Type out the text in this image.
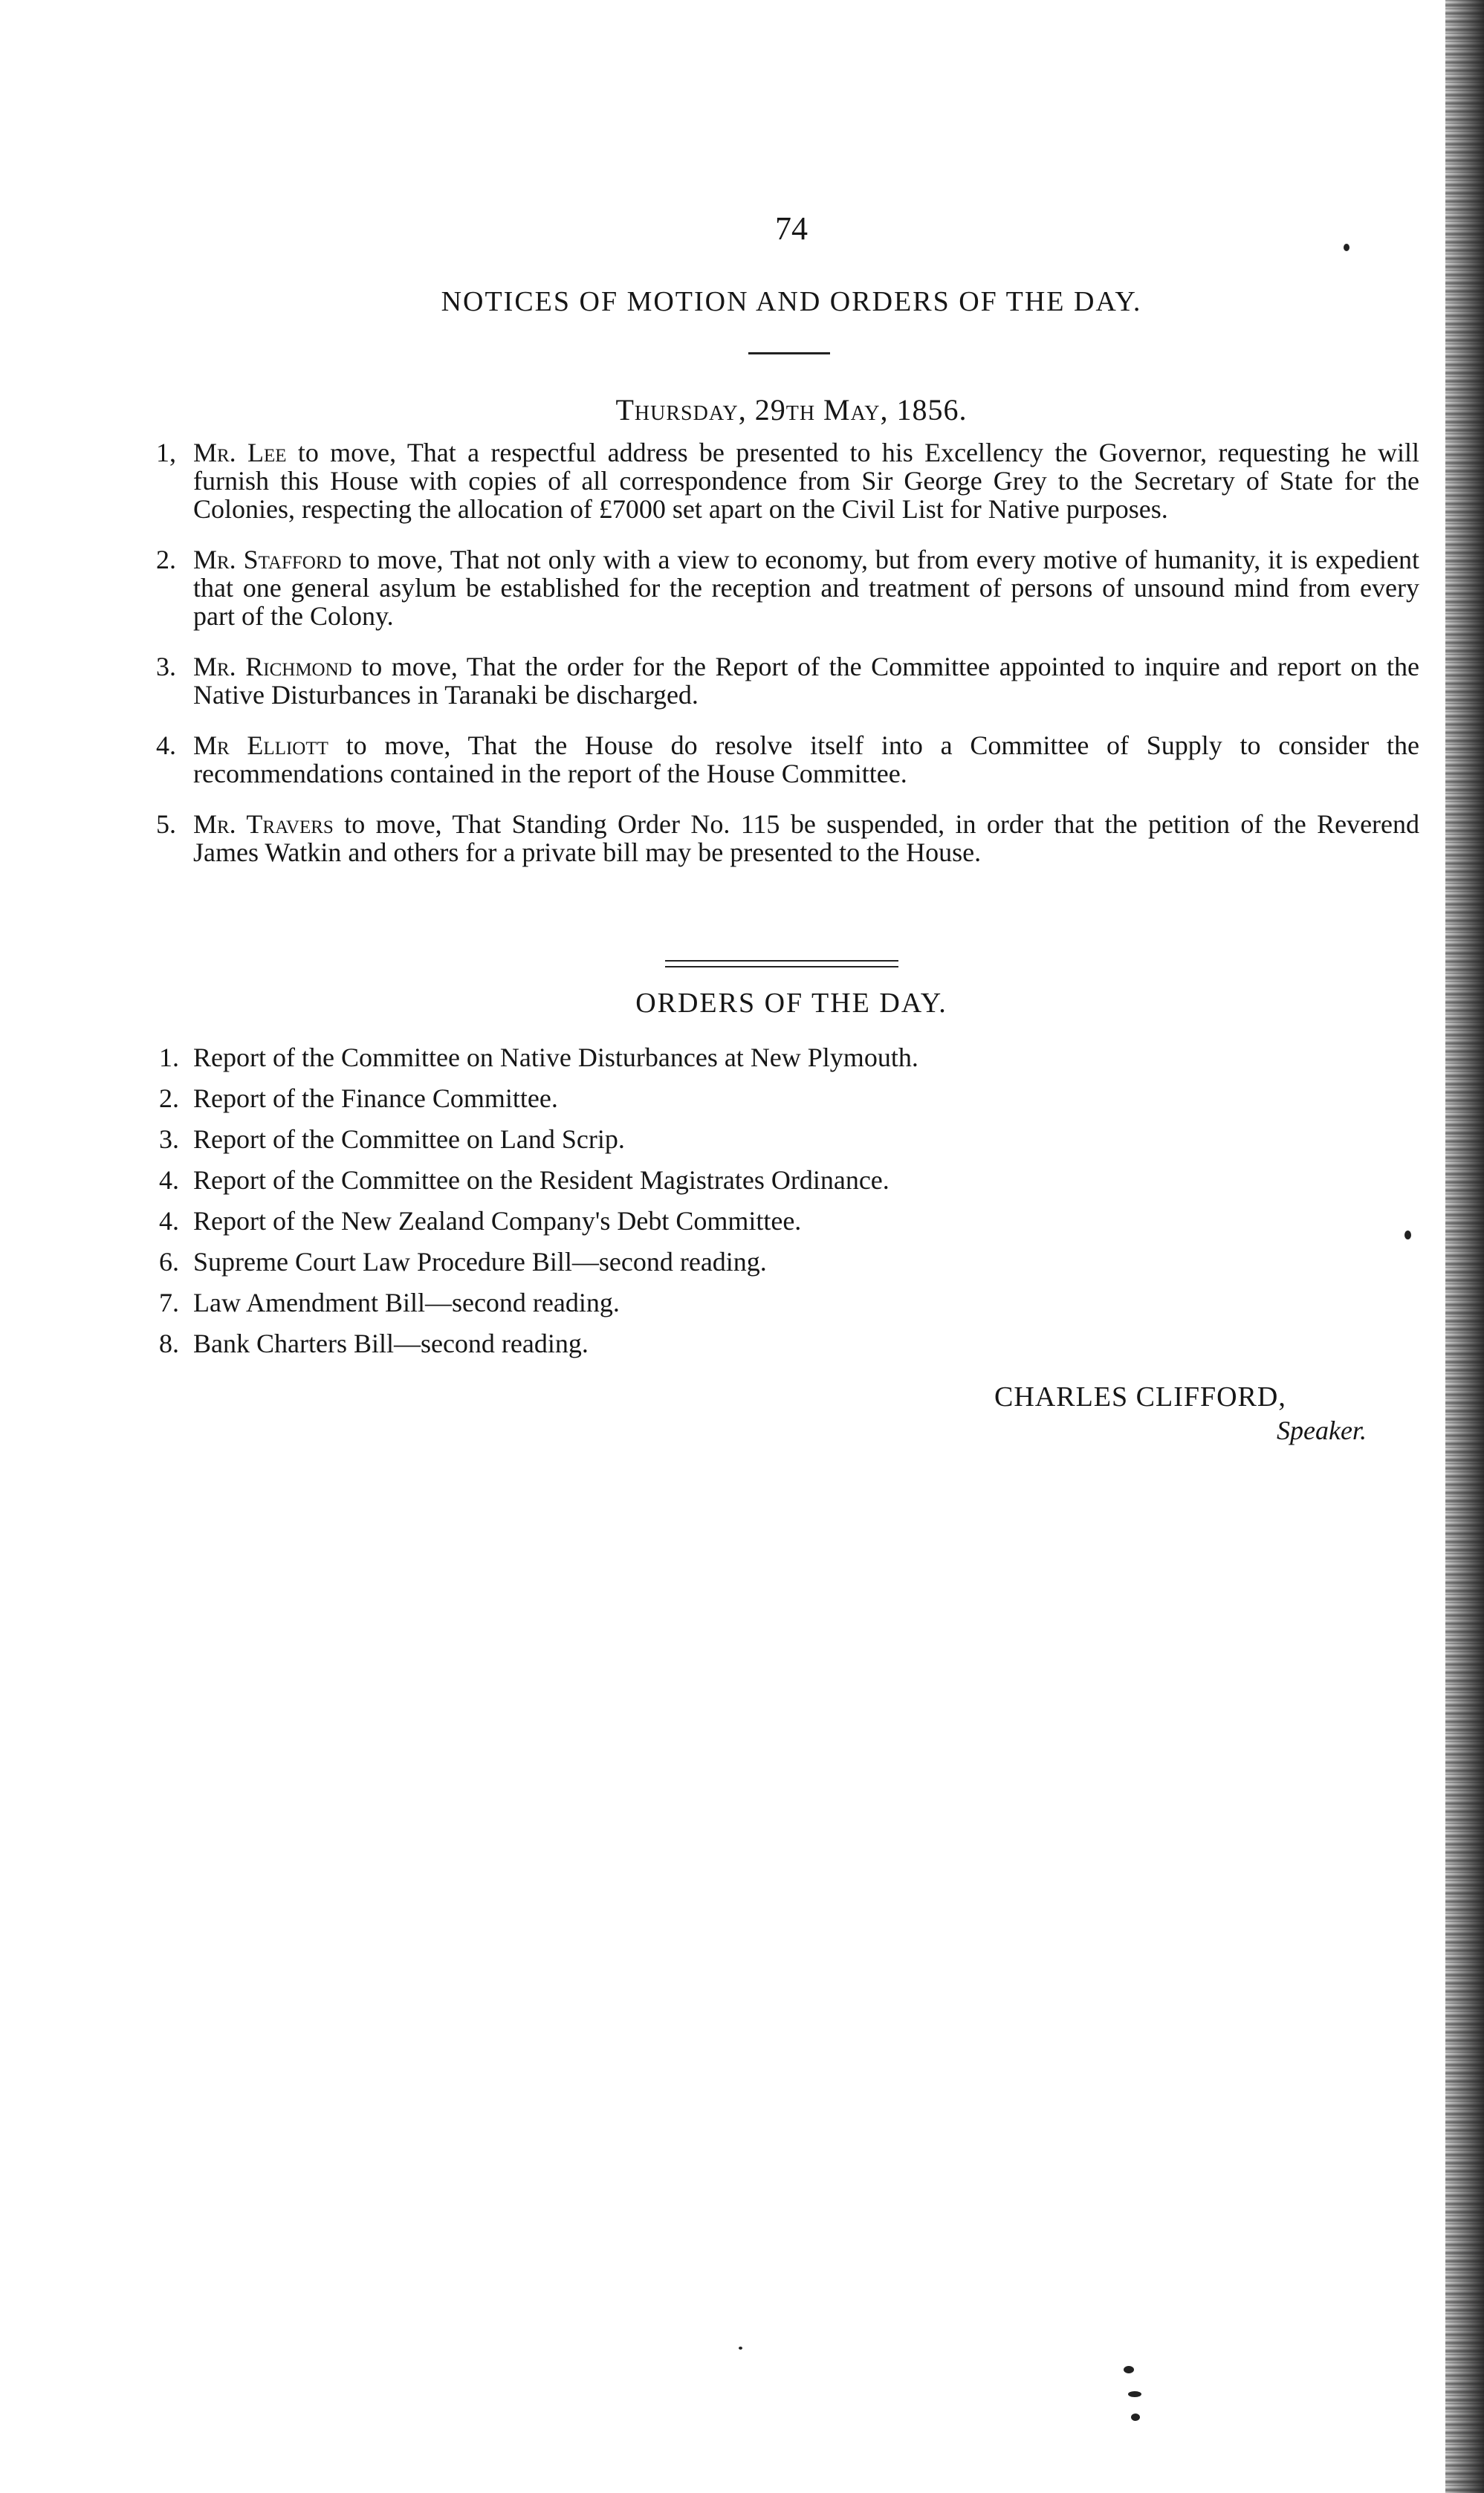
74
NOTICES OF MOTION AND ORDERS OF THE DAY.
Thursday, 29th May, 1856.
1, Mr. Lee to move, That a respectful address be presented to his Excellency the Governor, requesting he will furnish this House with copies of all correspondence from Sir George Grey to the Secretary of State for the Colonies, respecting the allocation of £7000 set apart on the Civil List for Native purposes.
2. Mr. Stafford to move, That not only with a view to economy, but from every motive of humanity, it is expedient that one general asylum be established for the reception and treatment of persons of unsound mind from every part of the Colony.
3. Mr. Richmond to move, That the order for the Report of the Committee appointed to inquire and report on the Native Disturbances in Taranaki be discharged.
4. Mr Elliott to move, That the House do resolve itself into a Committee of Supply to consider the recommendations contained in the report of the House Committee.
5. Mr. Travers to move, That Standing Order No. 115 be suspended, in order that the petition of the Reverend James Watkin and others for a private bill may be presented to the House.
ORDERS OF THE DAY.
1. Report of the Committee on Native Disturbances at New Plymouth.
2. Report of the Finance Committee.
3. Report of the Committee on Land Scrip.
4. Report of the Committee on the Resident Magistrates Ordinance.
4. Report of the New Zealand Company's Debt Committee.
6. Supreme Court Law Procedure Bill—second reading.
7. Law Amendment Bill—second reading.
8. Bank Charters Bill—second reading.
CHARLES CLIFFORD,
Speaker.
